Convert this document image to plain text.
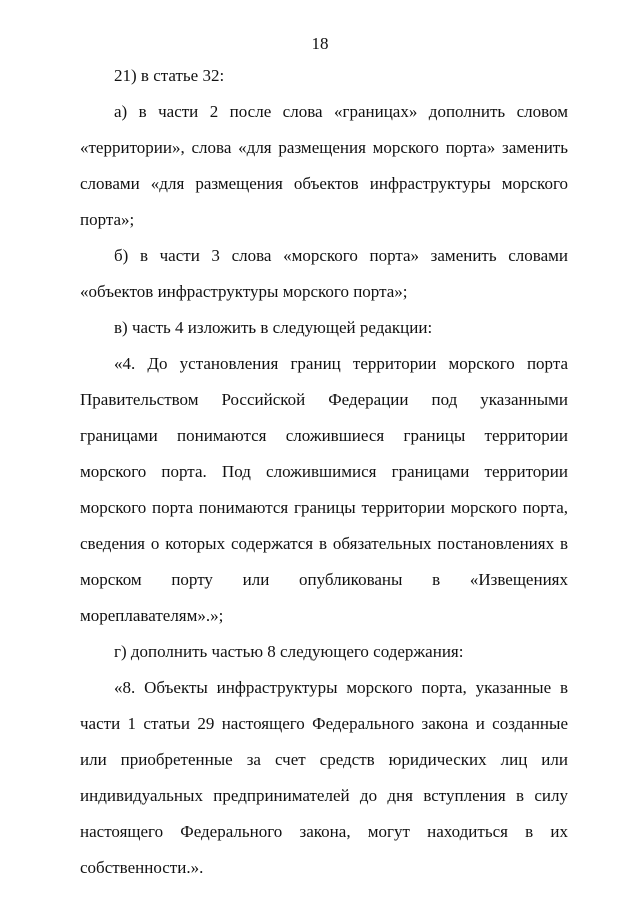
18

21) в статье 32:

а) в части 2 после слова «границах» дополнить словом «территории», слова «для размещения морского порта» заменить словами «для размещения объектов инфраструктуры морского порта»;

б) в части 3 слова «морского порта» заменить словами «объектов инфраструктуры морского порта»;

в) часть 4 изложить в следующей редакции:

«4. До установления границ территории морского порта Правительством Российской Федерации под указанными границами понимаются сложившиеся границы территории морского порта. Под сложившимися границами территории морского порта понимаются границы территории морского порта, сведения о которых содержатся в обязательных постановлениях в морском порту или опубликованы в «Извещениях мореплавателям».»;

г) дополнить частью 8 следующего содержания:

«8. Объекты инфраструктуры морского порта, указанные в части 1 статьи 29 настоящего Федерального закона и созданные или приобретенные за счет средств юридических лиц или индивидуальных предпринимателей до дня вступления в силу настоящего Федерального закона, могут находиться в их собственности.».
